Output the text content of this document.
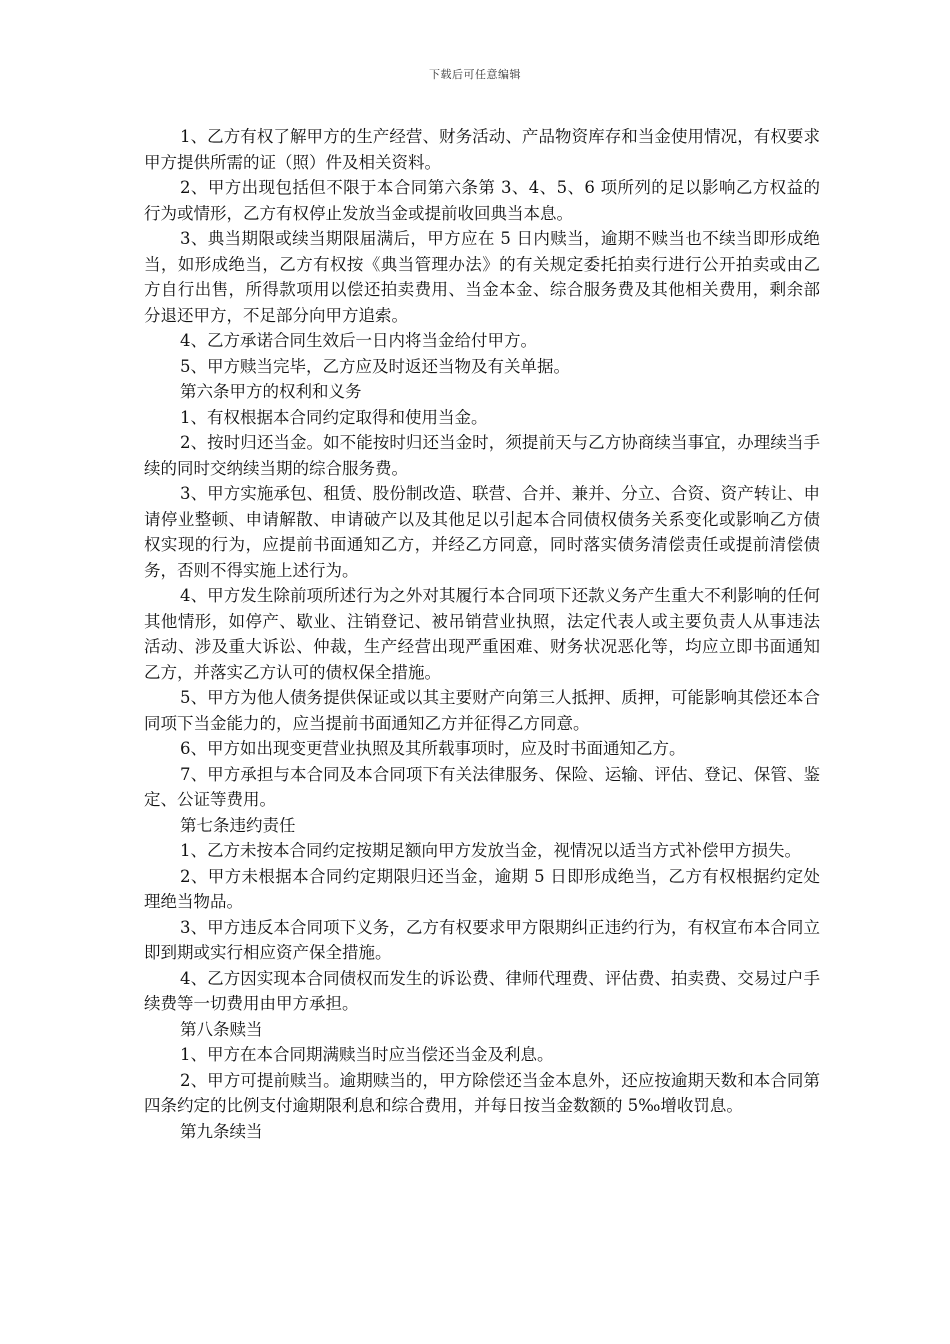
下载后可任意编辑

1、乙方有权了解甲方的生产经营、财务活动、产品物资库存和当金使用情况，有权要求甲方提供所需的证（照）件及相关资料。

2、甲方出现包括但不限于本合同第六条第 3、4、5、6 项所列的足以影响乙方权益的行为或情形，乙方有权停止发放当金或提前收回典当本息。

3、典当期限或续当期限届满后，甲方应在 5 日内赎当，逾期不赎当也不续当即形成绝当，如形成绝当，乙方有权按《典当管理办法》的有关规定委托拍卖行进行公开拍卖或由乙方自行出售，所得款项用以偿还拍卖费用、当金本金、综合服务费及其他相关费用，剩余部分退还甲方，不足部分向甲方追索。

4、乙方承诺合同生效后一日内将当金给付甲方。

5、甲方赎当完毕，乙方应及时返还当物及有关单据。

第六条甲方的权利和义务

1、有权根据本合同约定取得和使用当金。

2、按时归还当金。如不能按时归还当金时，须提前天与乙方协商续当事宜，办理续当手续的同时交纳续当期的综合服务费。

3、甲方实施承包、租赁、股份制改造、联营、合并、兼并、分立、合资、资产转让、申请停业整顿、申请解散、申请破产以及其他足以引起本合同债权债务关系变化或影响乙方债权实现的行为，应提前书面通知乙方，并经乙方同意，同时落实债务清偿责任或提前清偿债务，否则不得实施上述行为。

4、甲方发生除前项所述行为之外对其履行本合同项下还款义务产生重大不利影响的任何其他情形，如停产、歇业、注销登记、被吊销营业执照，法定代表人或主要负责人从事违法活动、涉及重大诉讼、仲裁，生产经营出现严重困难、财务状况恶化等，均应立即书面通知乙方，并落实乙方认可的债权保全措施。

5、甲方为他人债务提供保证或以其主要财产向第三人抵押、质押，可能影响其偿还本合同项下当金能力的，应当提前书面通知乙方并征得乙方同意。

6、甲方如出现变更营业执照及其所载事项时，应及时书面通知乙方。

7、甲方承担与本合同及本合同项下有关法律服务、保险、运输、评估、登记、保管、鉴定、公证等费用。

第七条违约责任

1、乙方未按本合同约定按期足额向甲方发放当金，视情况以适当方式补偿甲方损失。

2、甲方未根据本合同约定期限归还当金，逾期 5 日即形成绝当，乙方有权根据约定处理绝当物品。

3、甲方违反本合同项下义务，乙方有权要求甲方限期纠正违约行为，有权宣布本合同立即到期或实行相应资产保全措施。

4、乙方因实现本合同债权而发生的诉讼费、律师代理费、评估费、拍卖费、交易过户手续费等一切费用由甲方承担。

第八条赎当

1、甲方在本合同期满赎当时应当偿还当金及利息。

2、甲方可提前赎当。逾期赎当的，甲方除偿还当金本息外，还应按逾期天数和本合同第四条约定的比例支付逾期限利息和综合费用，并每日按当金数额的 5‰增收罚息。

第九条续当
